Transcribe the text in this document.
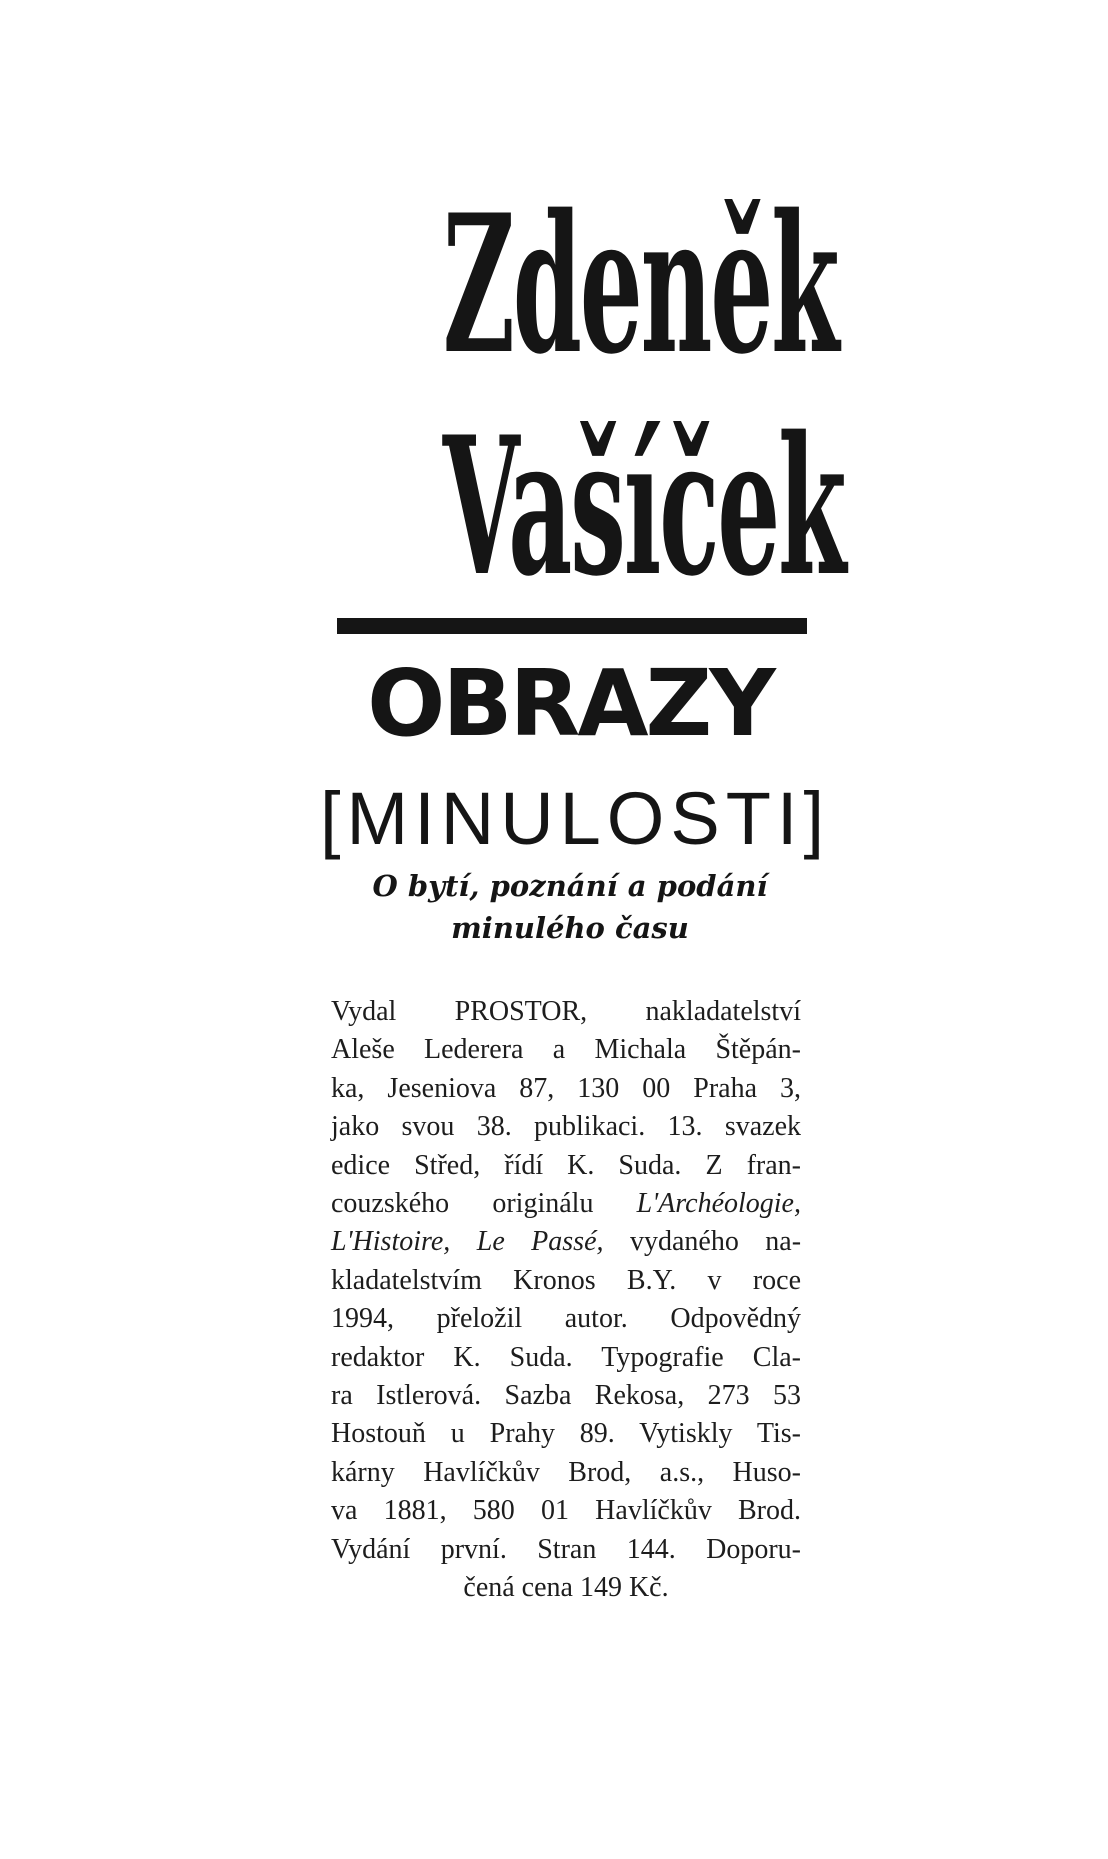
Zdeněk
Vašíček
OBRAZY
[MINULOSTI]
O bytí, poznání a podání
minulého času
Vydal PROSTOR, nakladatelství
Aleše Lederera a Michala Štěpán-
ka, Jeseniova 87, 130 00 Praha 3,
jako svou 38. publikaci. 13. svazek
edice Střed, řídí K. Suda. Z fran-
couzského originálu L'Archéologie,
L'Histoire, Le Passé, vydaného na-
kladatelstvím Kronos B.Y. v roce
1994, přeložil autor. Odpovědný
redaktor K. Suda. Typografie Cla-
ra Istlerová. Sazba Rekosa, 273 53
Hostouň u Prahy 89. Vytiskly Tis-
kárny Havlíčkův Brod, a.s., Huso-
va 1881, 580 01 Havlíčkův Brod.
Vydání první. Stran 144. Doporu-
čená cena 149 Kč.
